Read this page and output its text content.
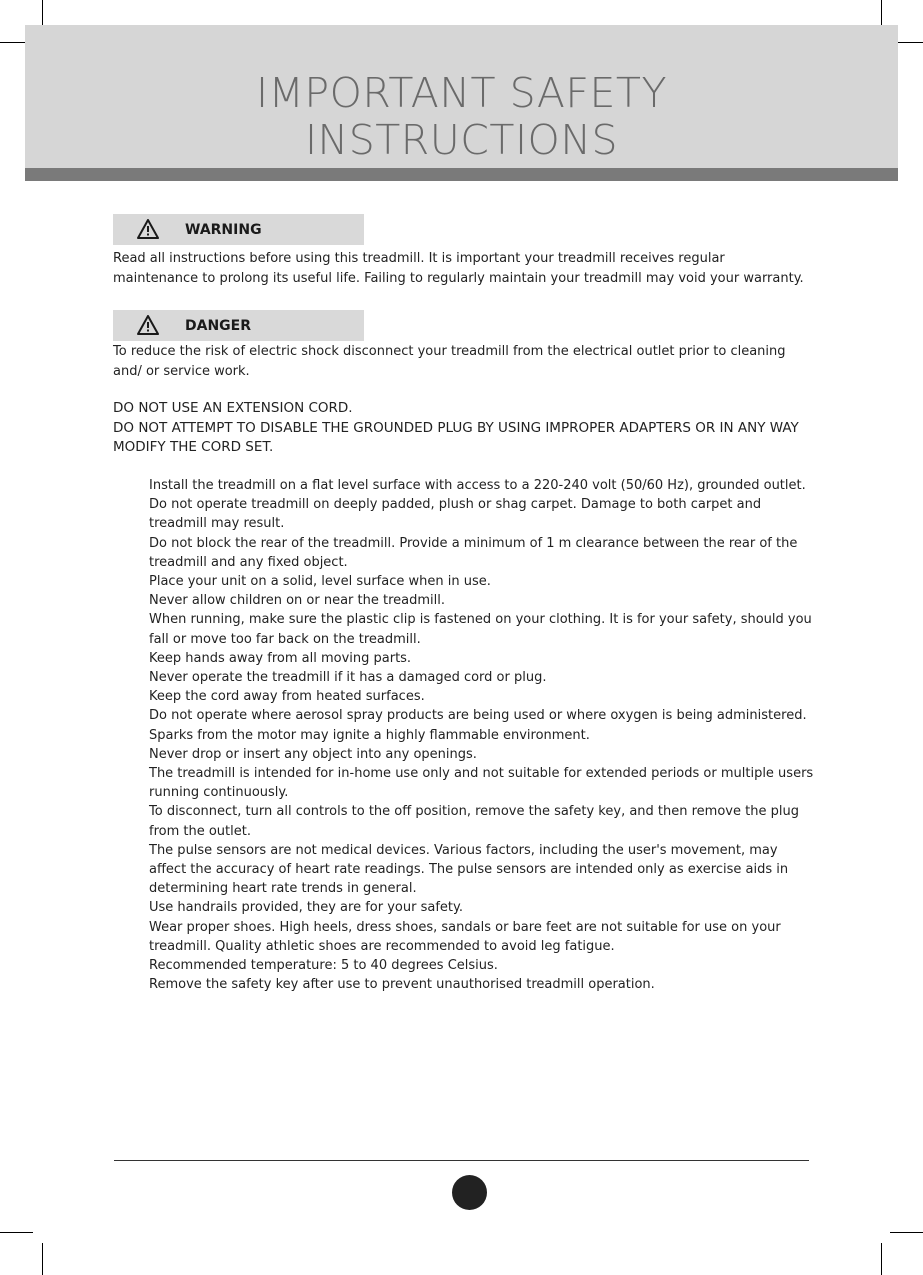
IMPORTANT SAFETY
INSTRUCTIONS
WARNING

Read all instructions before using this treadmill. It is important your treadmill receives regular maintenance to prolong its useful life. Failing to regularly maintain your treadmill may void your warranty.

DANGER

To reduce the risk of electric shock disconnect your treadmill from the electrical outlet prior to cleaning and/ or service work.

DO NOT USE AN EXTENSION CORD.
DO NOT ATTEMPT TO DISABLE THE GROUNDED PLUG BY USING IMPROPER ADAPTERS OR IN ANY WAY MODIFY THE CORD SET.
Install the treadmill on a flat level surface with access to a 220-240 volt (50/60 Hz), grounded outlet.
Do not operate treadmill on deeply padded, plush or shag carpet. Damage to both carpet and treadmill may result.
Do not block the rear of the treadmill. Provide a minimum of 1 m clearance between the rear of the treadmill and any fixed object.
Place your unit on a solid, level surface when in use.
Never allow children on or near the treadmill.
When running, make sure the plastic clip is fastened on your clothing. It is for your safety, should you fall or move too far back on the treadmill.
Keep hands away from all moving parts.
Never operate the treadmill if it has a damaged cord or plug.
Keep the cord away from heated surfaces.
Do not operate where aerosol spray products are being used or where oxygen is being administered. Sparks from the motor may ignite a highly flammable environment.
Never drop or insert any object into any openings.
The treadmill is intended for in-home use only and not suitable for extended periods or multiple users running continuously.
To disconnect, turn all controls to the off position, remove the safety key, and then remove the plug from the outlet.
The pulse sensors are not medical devices. Various factors, including the user's movement, may affect the accuracy of heart rate readings. The pulse sensors are intended only as exercise aids in determining heart rate trends in general.
Use handrails provided, they are for your safety.
Wear proper shoes. High heels, dress shoes, sandals or bare feet are not suitable for use on your treadmill. Quality athletic shoes are recommended to avoid leg fatigue.
Recommended temperature: 5 to 40 degrees Celsius.
Remove the safety key after use to prevent unauthorised treadmill operation.
